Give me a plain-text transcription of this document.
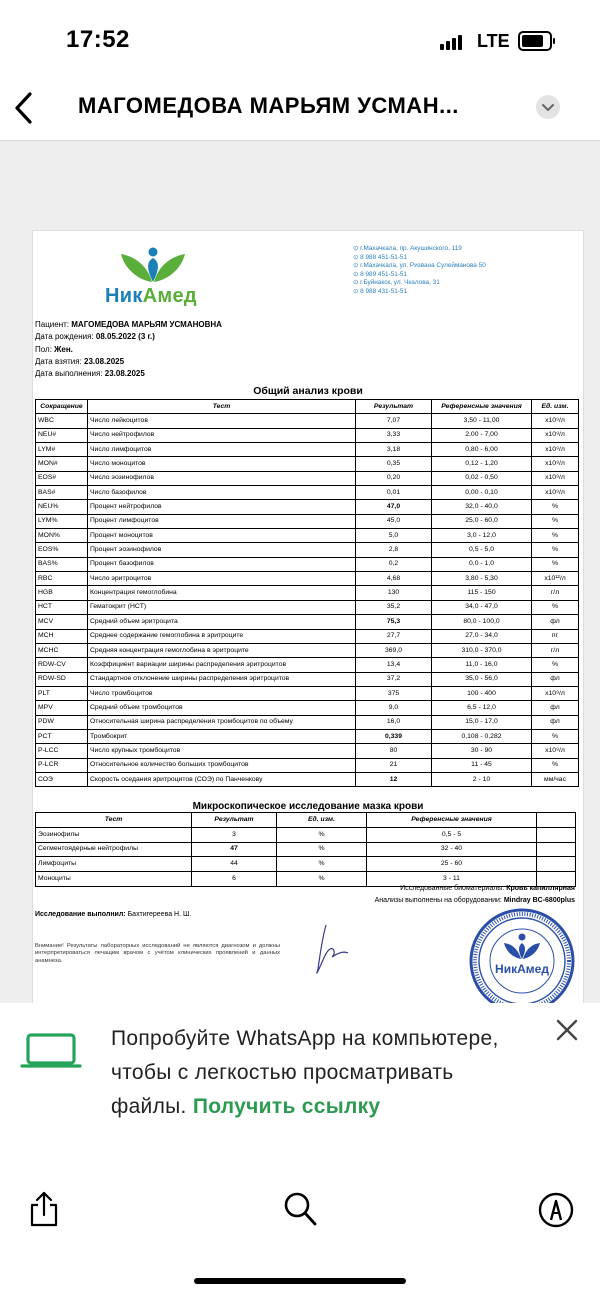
17:52	LTE
МАГОМЕДОВА МАРЬЯМ УСМАН...
НикАмед
⊙ г.Махачкала, пр. Акушинского, 119
⊙ 8 988 451-51-51
⊙ г.Махачкала, ул. Ризвана Сулейманова 50
⊙ 8 989 451-51-51
⊙ г.Буйнакск, ул. Чкалова, 31
⊙ 8 988 431-51-51
Пациент: МАГОМЕДОВА МАРЬЯМ УСМАНОВНА
Дата рождения: 08.05.2022 (3 г.)
Пол: Жен.
Дата взятия: 23.08.2025
Дата выполнения: 23.08.2025
Общий анализ крови
Сокращение	Тест	Результат	Референсные значения	Ед. изм.
WBC	Число лейкоцитов	7,07	3,50 - 11,00	x10⁹/л
NEU#	Число нейтрофилов	3,33	2,00 - 7,00	x10⁹/л
LYM#	Число лимфоцитов	3,18	0,80 - 6,00	x10⁹/л
MON#	Число моноцитов	0,35	0,12 - 1,20	x10⁹/л
EOS#	Число эозинофилов	0,20	0,02 - 0,50	x10⁹/л
BAS#	Число базофилов	0,01	0,00 - 0,10	x10⁹/л
NEU%	Процент нейтрофилов	47,0	32,0 - 40,0	%
LYM%	Процент лимфоцитов	45,0	25,0 - 60,0	%
MON%	Процент моноцитов	5,0	3,0 - 12,0	%
EOS%	Процент эозинофилов	2,8	0,5 - 5,0	%
BAS%	Процент базофилов	0,2	0,0 - 1,0	%
RBC	Число эритроцитов	4,68	3,80 - 5,30	x10¹²/л
HGB	Концентрация гемоглобина	130	115 - 150	г/л
HCT	Гематокрит (HCT)	35,2	34,0 - 47,0	%
MCV	Средний объем эритроцита	75,3	80,0 - 100,0	фл
MCH	Среднее содержание гемоглобина в эритроците	27,7	27,0 - 34,0	пг
MCHC	Средняя концентрация гемоглобина в эритроците	369,0	310,0 - 370,0	г/л
RDW-CV	Коэффициент вариации ширины распределения эритроцитов	13,4	11,0 - 16,0	%
RDW-SD	Стандартное отклонение ширины распределения эритроцитов	37,2	35,0 - 56,0	фл
PLT	Число тромбоцитов	375	100 - 400	x10⁹/л
MPV	Средний объем тромбоцитов	9,0	6,5 - 12,0	фл
PDW	Относительная ширина распределения тромбоцитов по объему	16,0	15,0 - 17,0	фл
PCT	Тромбокрит	0,339	0,108 - 0,282	%
P-LCC	Число крупных тромбоцитов	80	30 - 90	x10⁹/л
P-LCR	Относительное количество больших тромбоцитов	21	11 - 45	%
СОЭ	Скорость оседания эритроцитов (СОЭ) по Панченкову	12	2 - 10	мм/час
Микроскопическое исследование мазка крови
Тест	Результат	Ед. изм.	Референсные значения	
Эозинофилы	3	%	0,5 - 5	
Сегментоядерные нейтрофилы	47	%	32 - 40	
Лимфоциты	44	%	25 - 60	
Моноциты	6	%	3 - 11	
Исследованные биоматериалы: Кровь капиллярная
Анализы выполнены на оборудовании: Mindray BC-6800plus
Исследование выполнил: Бахтигереева Н. Ш.
Внимание! Результаты лабораторных исследований не являются диагнозом и должны интерпретироваться лечащим врачом с учётом клинических проявлений и данных анамнеза.
НикАмед
Попробуйте WhatsApp на компьютере, чтобы с легкостью просматривать файлы. Получить ссылку
